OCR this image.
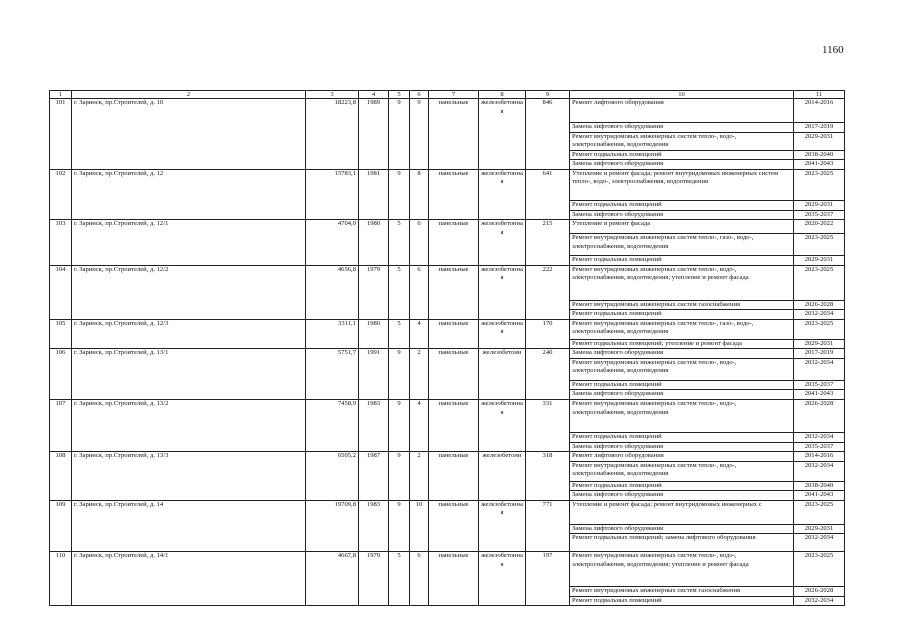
1160
1	2	3	4	5	6	7	8	9	10	11
101	г. Заринск, пр.Строителей, д. 10	18223,8	1989	9	9	панельные	железобетонная	846	Ремонт лифтового оборудования	2014-2016
									Замена лифтового оборудования	2017-2019
									Ремонт внутридомовых инженерных систем тепло-, водо-, электроснабжения, водоотведения	2029-2031
									Ремонт подвальных помещений	2038-2040
									Замена лифтового оборудования	2041-2043
102	г. Заринск, пр.Строителей, д. 12	15783,1	1981	9	8	панельные	железобетонная	641	Утепление и ремонт фасада; ремонт внутридомовых инженерных систем тепло-, водо-, электроснабжения, водоотведения	2023-2025
									Ремонт подвальных помещений	2029-2031
									Замена лифтового оборудования	2035-2037
103	г. Заринск, пр.Строителей, д. 12/1	4704,0	1980	5	6	панельные	железобетонная	215	Утепление и ремонт фасада	2020-2022
									Ремонт внутридомовых инженерных систем тепло-, газо-, водо-, электроснабжения, водоотведения	2023-2025
									Ремонт подвальных помещений	2029-2031
104	г. Заринск, пр.Строителей, д. 12/2	4656,8	1979	5	6	панельные	железобетонная	222	Ремонт внутридомовых инженерных систем тепло-, водо-, электроснабжения, водоотведения; утепление и ремонт фасада	2023-2025
									Ремонт внутридомовых инженерных систем газоснабжения	2026-2028
									Ремонт подвальных помещений	2032-2034
105	г. Заринск, пр.Строителей, д. 12/3	3311,1	1980	5	4	панельные	железобетонная	170	Ремонт внутридомовых инженерных систем тепло-, газо-, водо-, электроснабжения, водоотведения	2023-2025
									Ремонт подвальных помещений; утепление и ремонт фасада	2029-2031
106	г. Заринск, пр.Строителей, д. 13/1	5751,7	1991	9	2	панельные	железобетонн	240	Замена лифтового оборудования	2017-2019
									Ремонт внутридомовых инженерных систем тепло-, водо-, электроснабжения, водоотведения	2032-2034
									Ремонт подвальных помещений	2035-2037
									Замена лифтового оборудования	2041-2043
107	г. Заринск, пр.Строителей, д. 13/2	7458,9	1983	9	4	панельные	железобетонная	331	Ремонт внутридомовых инженерных систем тепло-, водо-, электроснабжения, водоотведения	2026-2028
									Ремонт подвальных помещений	2032-2034
									Замена лифтового оборудования	2035-2037
108	г. Заринск, пр.Строителей, д. 13/3	6505,2	1987	9	2	панельные	железобетонн	318	Ремонт лифтового оборудования	2014-2016
									Ремонт внутридомовых инженерных систем тепло-, водо-, электроснабжения, водоотведения	2032-2034
									Ремонт подвальных помещений	2038-2040
									Замена лифтового оборудования	2041-2043
109	г. Заринск, пр.Строителей, д. 14	19709,8	1983	9	10	панельные	железобетонная	771	Утепление и ремонт фасада; ремонт внутридомовых инженерных с	2023-2025
									Замена лифтового оборудования	2029-2031
									Ремонт подвальных помещений; замена лифтового оборудования	2032-2034
110	г. Заринск, пр.Строителей, д. 14/1	4667,8	1979	5	6	панельные	железобетонная	197	Ремонт внутридомовых инженерных систем тепло-, водо-, электроснабжения, водоотведения; утепление и ремонт фасада	2023-2025
									Ремонт внутридомовых инженерных систем газоснабжения	2026-2028
									Ремонт подвальных помещений	2032-2034
